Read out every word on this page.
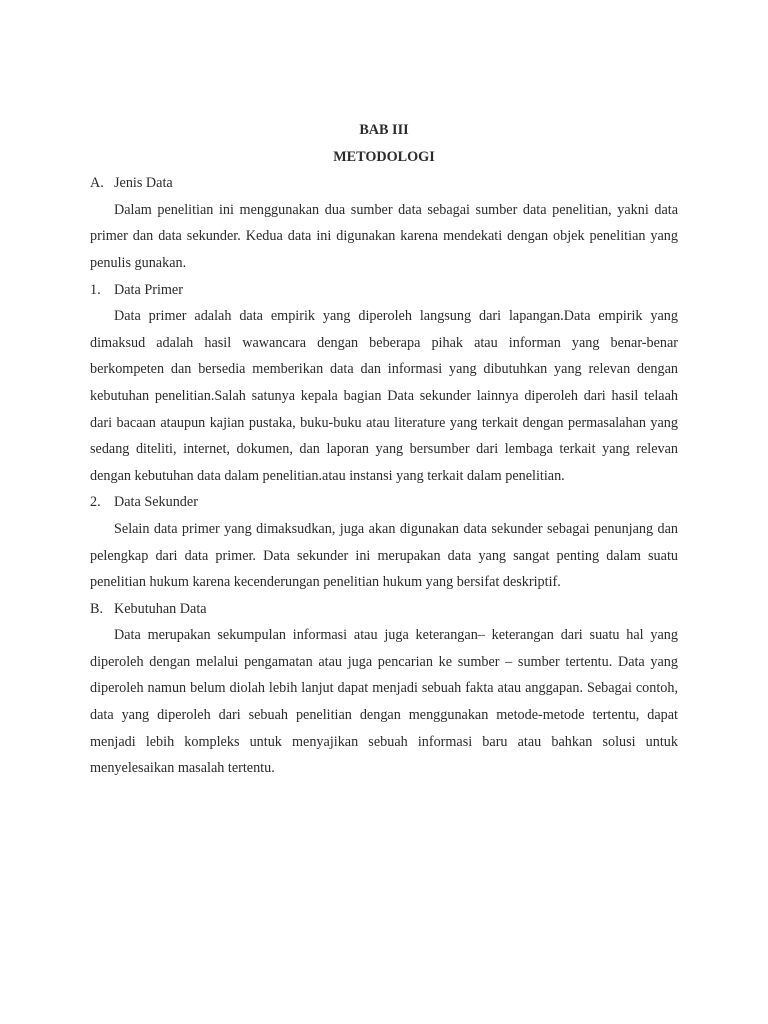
BAB III

METODOLOGI

A. Jenis Data

Dalam penelitian ini menggunakan dua sumber data sebagai sumber data penelitian, yakni data primer dan data sekunder. Kedua data ini digunakan karena mendekati dengan objek penelitian yang penulis gunakan.

1. Data Primer

Data primer adalah data empirik yang diperoleh langsung dari lapangan.Data empirik yang dimaksud adalah hasil wawancara dengan beberapa pihak atau informan yang benar-benar berkompeten dan bersedia memberikan data dan informasi yang dibutuhkan yang relevan dengan kebutuhan penelitian.Salah satunya kepala bagian Data sekunder lainnya diperoleh dari hasil telaah dari bacaan ataupun kajian pustaka, buku-buku atau literature yang terkait dengan permasalahan yang sedang diteliti, internet, dokumen, dan laporan yang bersumber dari lembaga terkait yang relevan dengan kebutuhan data dalam penelitian.atau instansi yang terkait dalam penelitian.

2. Data Sekunder

Selain data primer yang dimaksudkan, juga akan digunakan data sekunder sebagai penunjang dan pelengkap dari data primer. Data sekunder ini merupakan data yang sangat penting dalam suatu penelitian hukum karena kecenderungan penelitian hukum yang bersifat deskriptif.

B. Kebutuhan Data

Data merupakan sekumpulan informasi atau juga keterangan– keterangan dari suatu hal yang diperoleh dengan melalui pengamatan atau juga pencarian ke sumber – sumber tertentu. Data yang diperoleh namun belum diolah lebih lanjut dapat menjadi sebuah fakta atau anggapan. Sebagai contoh, data yang diperoleh dari sebuah penelitian dengan menggunakan metode-metode tertentu, dapat menjadi lebih kompleks untuk menyajikan sebuah informasi baru atau bahkan solusi untuk menyelesaikan masalah tertentu.
